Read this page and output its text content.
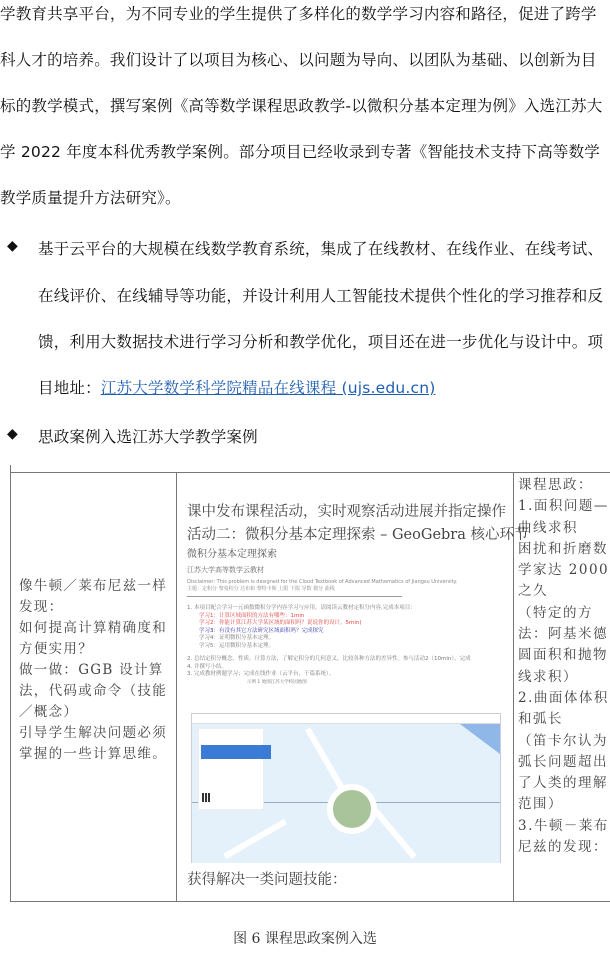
学教育共享平台，为不同专业的学生提供了多样化的数学学习内容和路径，促进了跨学
科人才的培养。我们设计了以项目为核心、以问题为导向、以团队为基础、以创新为目
标的教学模式，撰写案例《高等数学课程思政教学-以微积分基本定理为例》入选江苏大
学 2022 年度本科优秀教学案例。部分项目已经收录到专著《智能技术支持下高等数学
教学质量提升方法研究》。
◆ 基于云平台的大规模在线数学教育系统，集成了在线教材、在线作业、在线考试、
在线评价、在线辅导等功能，并设计利用人工智能技术提供个性化的学习推荐和反
馈，利用大数据技术进行学习分析和教学优化，项目还在进一步优化与设计中。项
目地址：江苏大学数学科学院精品在线课程 (ujs.edu.cn)
◆ 思政案例入选江苏大学教学案例
像牛顿／莱布尼兹一样
发现：
如何提高计算精确度和
方便实用？
做一做：GGB 设计算
法，代码或命令（技能
／概念）
引导学生解决问题必须
掌握的一些计算思维。
课中发布课程活动，实时观察活动进展并指定操作
活动二：微积分基本定理探索 – GeoGebra 核心环节
微积分基本定理探索
江苏大学高等数学云教材
Disclaimer: This problem is designed for the Cloud Textbook of Advanced Mathematics of Jiangsu University.
主题：定积分 黎曼积分 达布和 黎特卡斯 上限 下限 导数 微分 曲线
1. 本项目配合学习一元函数微积分学内容学习与应用。请阅读云教材定积分内容,完成本项目：
学习1：计算区域面积的方法有哪些：1min
学习2：你能计算江苏大学某区域的面积吗？说说你的设计。5min)
学习3：有没有其它方法研究区域面积吗？完成探究
学习4：证明微积分基本定理。
学习5：运用微积分基本定理。
2. 总结定积分概念、性质、计算方法，了解定积分的几何意义，比较各种方法的差异性。参与活动2（10min），完成
4. 并撰写小结。
3. 完成教材例题学习；完成在线作业（云平台，千篇系统）。
示例 1 地图江苏大学校园地图
获得解决一类问题技能：
课程思政：
1.面积问题—
曲线求积
困扰和折磨数
学家达 2000
之久
（特定的方
法：阿基米德
圆面积和抛物
线求积）
2.曲面体体积
和弧长
（笛卡尔认为
弧长问题超出
了人类的理解
范围）
3.牛顿－莱布
尼兹的发现：
图 6 课程思政案例入选
